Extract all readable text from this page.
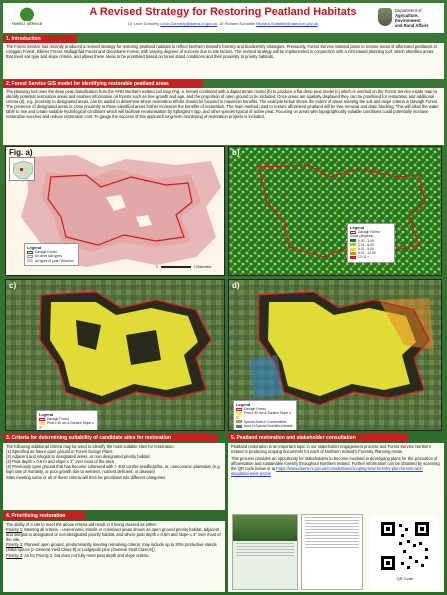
FOREST SERVICE
A Revised Strategy for Restoring Peatland Habitats
Dr Leon Donnelly Leon.Donnelly@daera-ni.gov.uk, Dr Richard Schaible Richard.Schaible@daera-ni.gov.uk
Department of
Agriculture, Environment
and Rural Affairs
1. Introduction
The Forest Service has recently produced a revised strategy for restoring peatland habitats to reflect Northern Ireland's forestry and biodiversity strategies. Previously, Forest Service initiated plans to restore areas of afforested peatlands in Creggan Forest, Killeter Forest, Mullaghfad Forest and Glenshane Forest, with varying degrees of success due to site factors. The revised strategy will be implemented in conjunction with a GIS-based planning tool, which identifies areas that meet soil type and slope criteria, and allows these areas to be prioritised based on forest stand conditions and their proximity to priority habitats.
2. Forest Service GIS model for identifying restorable peatland areas
The planning tool uses the deep peat classification from the AFBI Northern Ireland soil map (Fig. a, below) combined with a digital terrain model (b) to produce a flat deep peat model (c) which is overlaid on the Forest Service estate map to identify potential restoration areas and enables information on forests such as tree growth and age, and the proportion of open ground to be included. Once areas are spatially displayed they can be prioritised for restoration and additional criteria (d), e.g. proximity to designated areas, can be added to determine where restoration efforts should be focused to maximise benefits. The example below shows the extent of areas meeting the soil and slope criteria in Davagh Forest. The presence of designated areas in close proximity to these identified areas further increases the benefits of restoration. The main method used to restore afforested peatland will be tree removal and drain blocking. This will allow the water table to rise and create suitable hydrological conditions which will facilitate recolonisation by Sphagnum spp. and other species typical of active peat. Focusing on areas with topographically suitable conditions could potentially increase restoration success and reduce restoration cost. To gauge the success of this approach long-term monitoring of restoration projects is included.
Fig. a)
Legend
Davagh Forest
All other soil types
All types of peat / Alluvium
0	2 Kilometers
b)
Legend
Davagh Forest
Slope (degrees)
0.00 - 3.00
3.01 - 6.00
6.01 - 9.00
9.01 - 12.00
12.01 +
c)
Legend
Davagh Forest
Peat ≥ 50 cm & Surface Slope ≤ 3°
d)
Legend
Davagh Forest
Peat ≥ 50 cm & Surface Slope ≤ 3°
Special Area of Conservation
Area of Special Scientific Interest
3. Criteria for determining suitability of candidate sites for restoration
The following additional criteria may be used to identify the most suitable sites for restoration:
(1) Specified as future open ground in Forest Design Plans
(2) Adjacent and integral to designated areas, or non-designated priority habitat
(3) Peat depth ≥ 0.5 m and slope ≤ 3° over most of the area
(4) Previously open ground that has become colonised with > 400 conifer seedlings/ha, or, uneconomic plantation (e.g. high rate of mortality, or poor growth due to wetness, nutrient deficient, or disease)
Sites meeting some or all of these criteria will then be prioritised into different categories.
4. Prioritising restoration
The ability of a site to meet the above criteria will result in it being classed as either:
Priority 1: Meeting all criteria – uneconomic stands or colonised areas shown as open ground priority habitat, adjacent and integral to designated or non-designated priority habitat, and where peat depth ≥ 0.5m and slope ≤ 3° over most of the site.
Priority 2: Planned open ground, predominantly meeting remaining criteria; may include up to 30% productive stands (Sitka spruce [≥ General Yield Class 8] or Lodgepole pine (General Yield Class 6)).
Priority 3: As for Priority 2, but does not fully meet peat depth and slope criteria.
5. Peatland restoration and stakeholder consultation
Peatland restoration is an important topic in our stakeholder engagement process and Forest Service Northern Ireland is producing scoping documents for each of Northern Ireland's Forestry Planning Areas.
This process provides an opportunity for stakeholders to become involved in developing plans for the promotion of afforestation and sustainable forestry throughout Northern Ireland. Further information can be obtained by scanning the QR code below or at https://www.daera-ni.gov.uk/consultations/scoping-new-forestry-plan-forests-and-woodland-west-tyrone
QR Code
